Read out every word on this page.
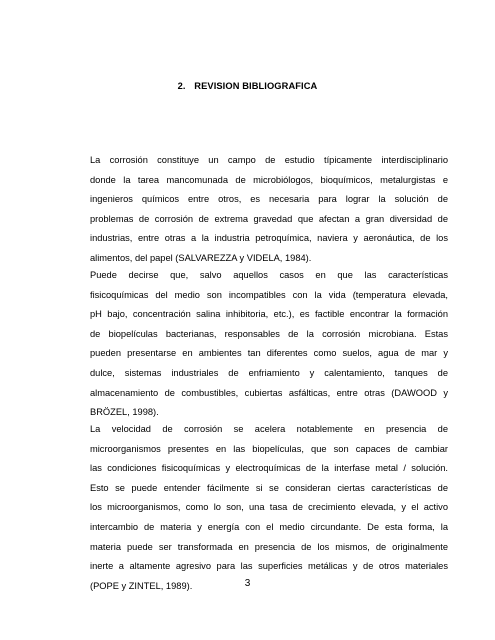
2. REVISION BIBLIOGRAFICA
La corrosión constituye un campo de estudio típicamente interdisciplinario
donde la tarea mancomunada de microbiólogos, bioquímicos, metalurgistas e
ingenieros químicos entre otros, es necesaria para lograr la solución de
problemas de corrosión de extrema gravedad que afectan a gran diversidad de
industrias, entre otras a la industria petroquímica, naviera y aeronáutica, de los
alimentos, del papel (SALVAREZZA y VIDELA, 1984).
Puede decirse que, salvo aquellos casos en que las características
fisicoquímicas del medio son incompatibles con la vida (temperatura elevada,
pH bajo, concentración salina inhibitoria, etc.), es factible encontrar la formación
de biopelículas bacterianas, responsables de la corrosión microbiana. Estas
pueden presentarse en ambientes tan diferentes como suelos, agua de mar y
dulce, sistemas industriales de enfriamiento y calentamiento, tanques de
almacenamiento de combustibles, cubiertas asfálticas, entre otras (DAWOOD y
BRÖZEL, 1998).
La velocidad de corrosión se acelera notablemente en presencia de
microorganismos presentes en las biopelículas, que son capaces de cambiar
las condiciones fisicoquímicas y electroquímicas de la interfase metal / solución.
Esto se puede entender fácilmente si se consideran ciertas características de
los microorganismos, como lo son, una tasa de crecimiento elevada, y el activo
intercambio de materia y energía con el medio circundante. De esta forma, la
materia puede ser transformada en presencia de los mismos, de originalmente
inerte a altamente agresivo para las superficies metálicas y de otros materiales
(POPE y ZINTEL, 1989).	3
